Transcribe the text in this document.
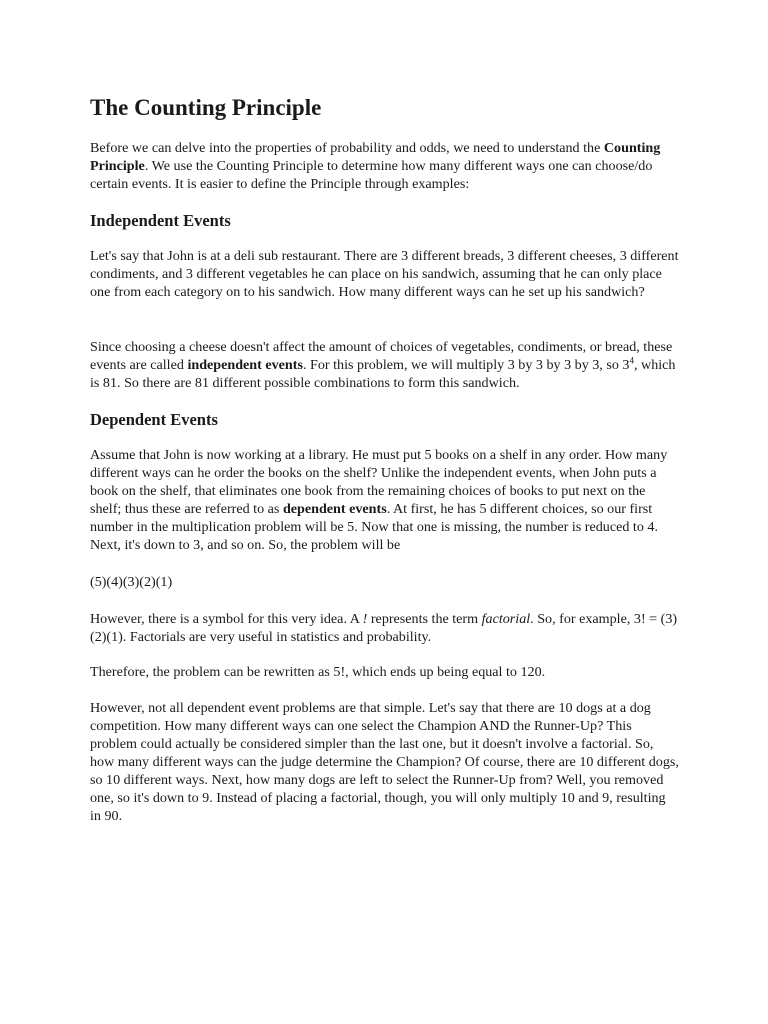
The Counting Principle

Before we can delve into the properties of probability and odds, we need to understand the Counting Principle. We use the Counting Principle to determine how many different ways one can choose/do certain events. It is easier to define the Principle through examples:

Independent Events

Let's say that John is at a deli sub restaurant. There are 3 different breads, 3 different cheeses, 3 different condiments, and 3 different vegetables he can place on his sandwich, assuming that he can only place one from each category on to his sandwich. How many different ways can he set up his sandwich?

Since choosing a cheese doesn't affect the amount of choices of vegetables, condiments, or bread, these events are called independent events. For this problem, we will multiply 3 by 3 by 3 by 3, so $3^4$, which is 81. So there are 81 different possible combinations to form this sandwich.

Dependent Events

Assume that John is now working at a library. He must put 5 books on a shelf in any order. How many different ways can he order the books on the shelf? Unlike the independent events, when John puts a book on the shelf, that eliminates one book from the remaining choices of books to put next on the shelf; thus these are referred to as dependent events. At first, he has 5 different choices, so our first number in the multiplication problem will be 5. Now that one is missing, the number is reduced to 4. Next, it's down to 3, and so on. So, the problem will be

(5)(4)(3)(2)(1)

However, there is a symbol for this very idea. A ! represents the term factorial. So, for example, 3! = (3)(2)(1). Factorials are very useful in statistics and probability.

Therefore, the problem can be rewritten as 5!, which ends up being equal to 120.

However, not all dependent event problems are that simple. Let's say that there are 10 dogs at a dog competition. How many different ways can one select the Champion AND the Runner-Up? This problem could actually be considered simpler than the last one, but it doesn't involve a factorial. So, how many different ways can the judge determine the Champion? Of course, there are 10 different dogs, so 10 different ways. Next, how many dogs are left to select the Runner-Up from? Well, you removed one, so it's down to 9. Instead of placing a factorial, though, you will only multiply 10 and 9, resulting in 90.
